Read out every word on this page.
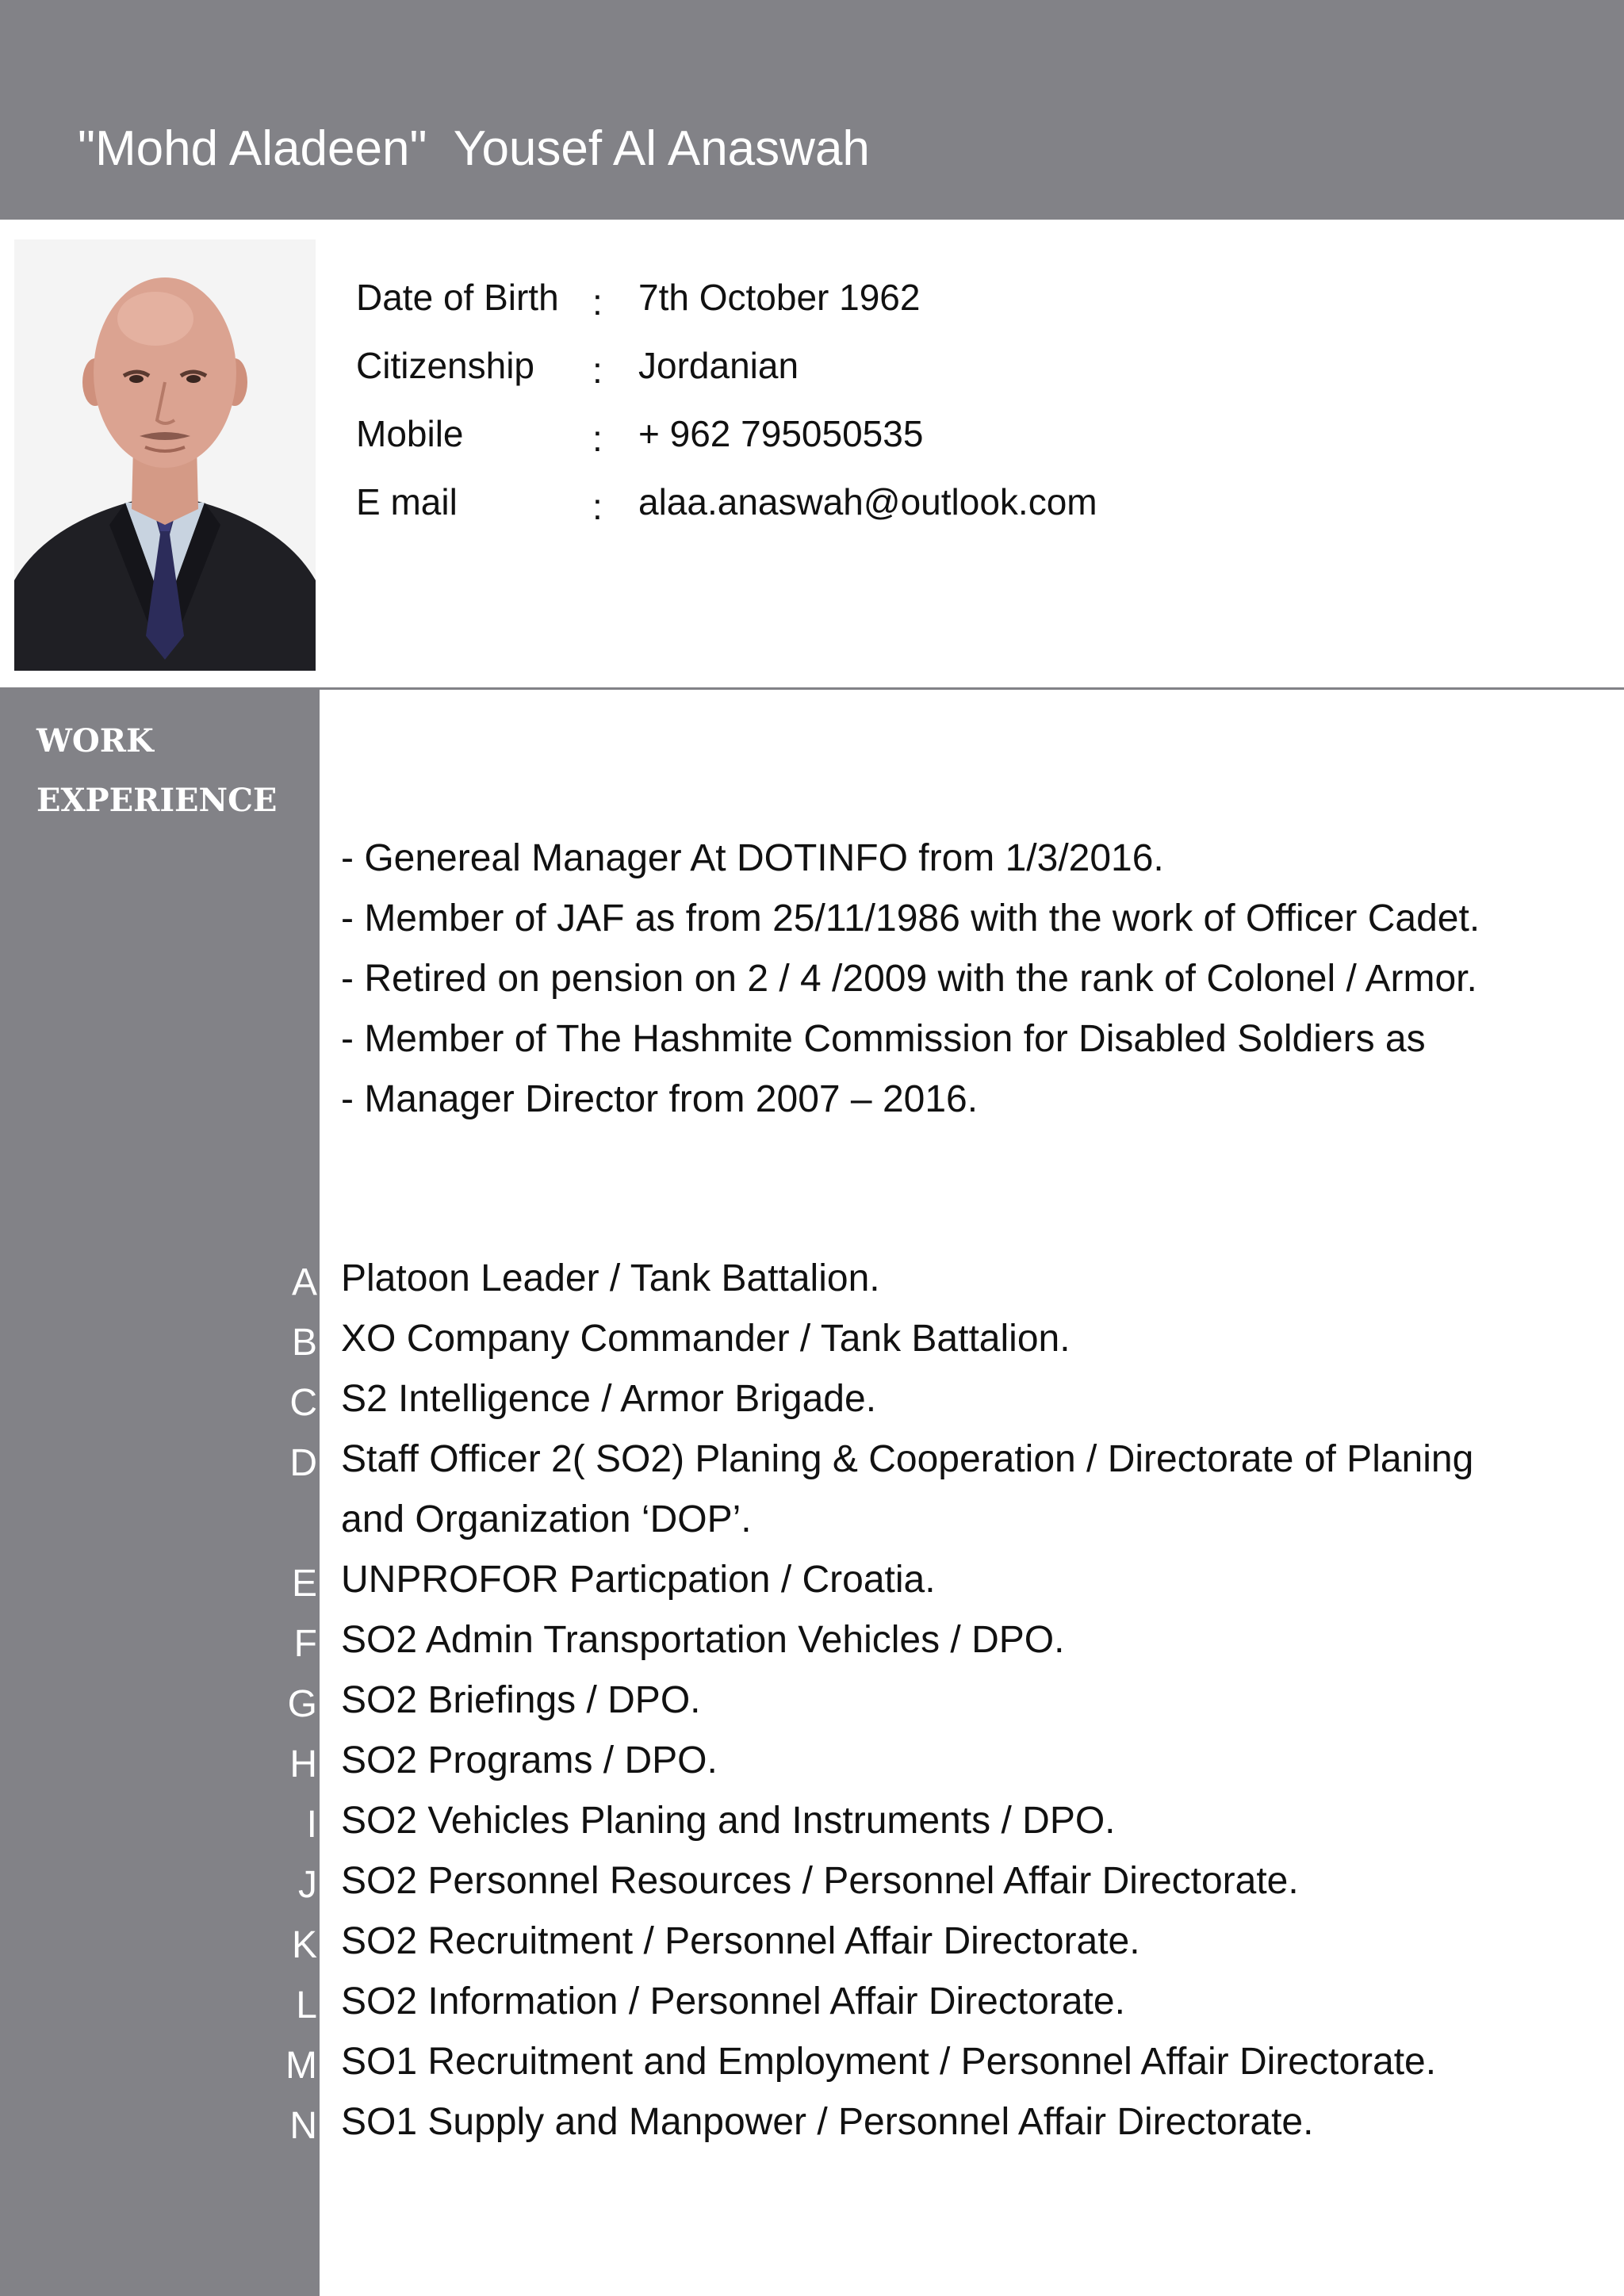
"Mohd Aladeen"  Yousef Al Anaswah
Date of Birth : 7th October 1962
Citizenship : Jordanian
Mobile	: + 962 795050535
E mail	: alaa.anaswah@outlook.com
WORK
EXPERIENCE
- Genereal Manager At DOTINFO from 1/3/2016.
- Member of JAF as from 25/11/1986 with the work of Officer Cadet.
- Retired on pension on 2 / 4 /2009 with the rank of Colonel / Armor.
- Member of The Hashmite Commission for Disabled Soldiers as
- Manager Director from 2007 – 2016.
A
B
C
D
E
F
G
H
I
J
K
L
M
N
Platoon Leader / Tank Battalion.
XO Company Commander / Tank Battalion.
S2 Intelligence / Armor Brigade.
Staff Officer 2( SO2) Planing & Cooperation / Directorate of Planing
and Organization ‘DOP’.
UNPROFOR Particpation / Croatia.
SO2 Admin Transportation Vehicles / DPO.
SO2 Briefings / DPO.
SO2 Programs / DPO.
SO2 Vehicles Planing and Instruments / DPO.
SO2 Personnel Resources / Personnel Affair Directorate.
SO2 Recruitment / Personnel Affair Directorate.
SO2 Information / Personnel Affair Directorate.
SO1 Recruitment and Employment / Personnel Affair Directorate.
SO1 Supply and Manpower / Personnel Affair Directorate.
